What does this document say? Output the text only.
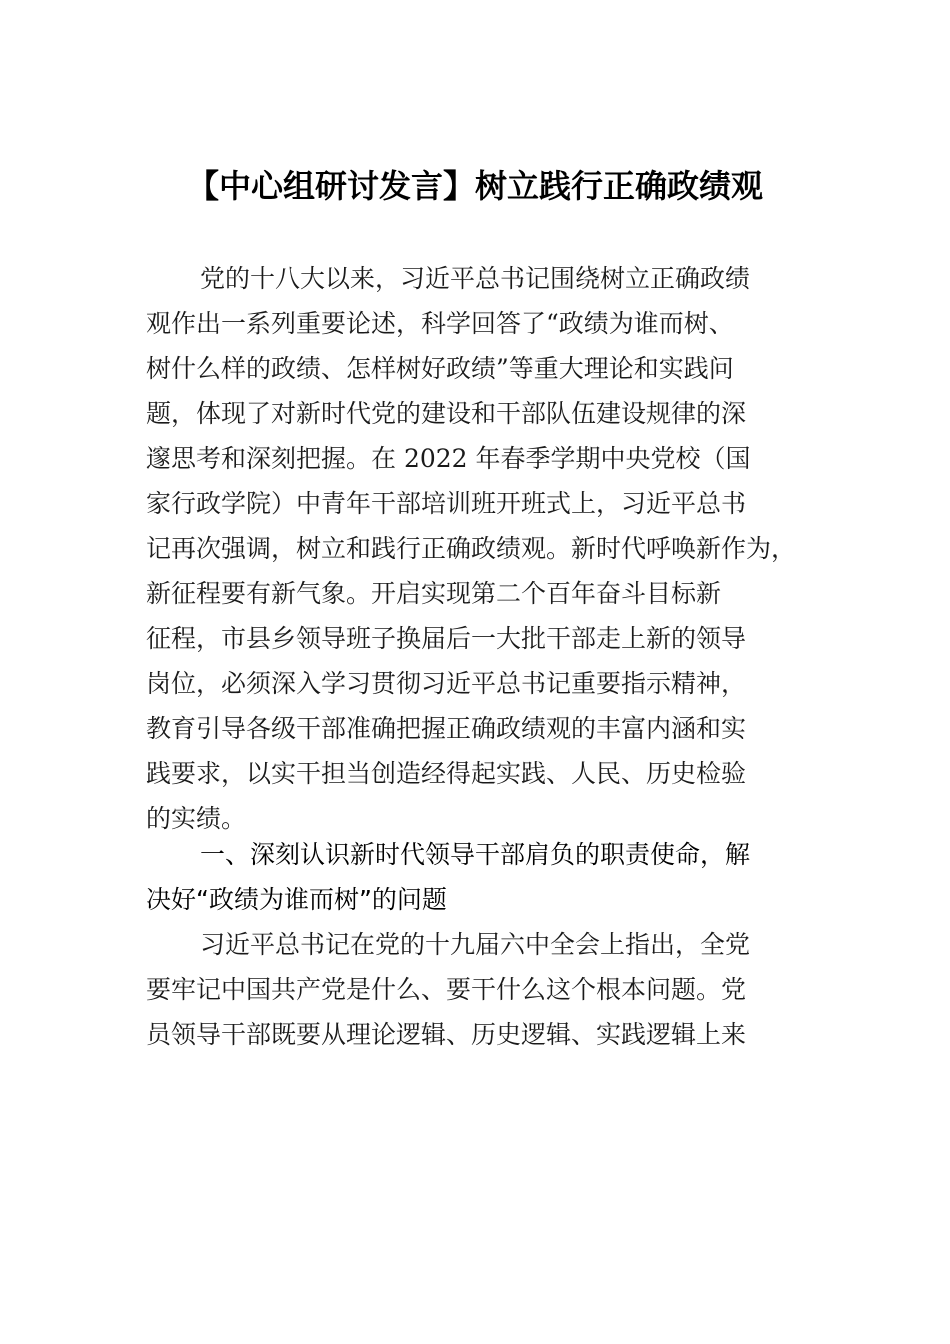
【中心组研讨发言】树立践行正确政绩观
党的十八大以来，习近平总书记围绕树立正确政绩
观作出一系列重要论述，科学回答了“政绩为谁而树、
树什么样的政绩、怎样树好政绩”等重大理论和实践问
题，体现了对新时代党的建设和干部队伍建设规律的深
邃思考和深刻把握。在 2022 年春季学期中央党校（国
家行政学院）中青年干部培训班开班式上，习近平总书
记再次强调，树立和践行正确政绩观。新时代呼唤新作为，
新征程要有新气象。开启实现第二个百年奋斗目标新
征程，市县乡领导班子换届后一大批干部走上新的领导
岗位，必须深入学习贯彻习近平总书记重要指示精神，
教育引导各级干部准确把握正确政绩观的丰富内涵和实
践要求，以实干担当创造经得起实践、人民、历史检验
的实绩。
一、深刻认识新时代领导干部肩负的职责使命，解
决好“政绩为谁而树”的问题
习近平总书记在党的十九届六中全会上指出，全党
要牢记中国共产党是什么、要干什么这个根本问题。党
员领导干部既要从理论逻辑、历史逻辑、实践逻辑上来
